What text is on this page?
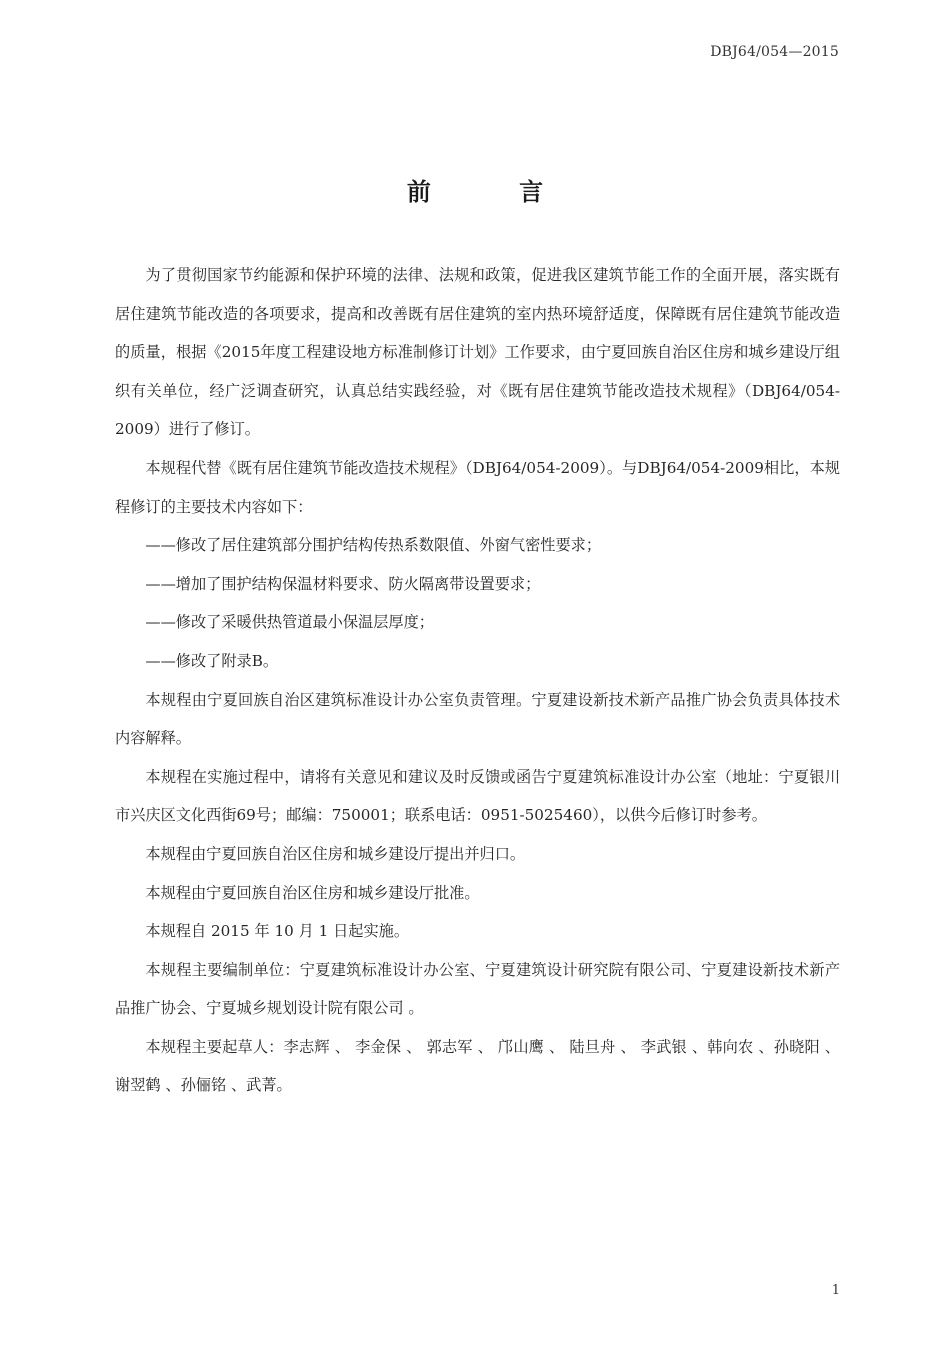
DBJ64/054—2015
前 言

为了贯彻国家节约能源和保护环境的法律、法规和政策，促进我区建筑节能工作的全面开展，落实既有居住建筑节能改造的各项要求，提高和改善既有居住建筑的室内热环境舒适度，保障既有居住建筑节能改造的质量，根据《2015年度工程建设地方标准制修订计划》工作要求，由宁夏回族自治区住房和城乡建设厅组织有关单位，经广泛调查研究，认真总结实践经验，对《既有居住建筑节能改造技术规程》（DBJ64/054-2009）进行了修订。

本规程代替《既有居住建筑节能改造技术规程》（DBJ64/054-2009）。与DBJ64/054-2009相比，本规程修订的主要技术内容如下：

——修改了居住建筑部分围护结构传热系数限值、外窗气密性要求；

——增加了围护结构保温材料要求、防火隔离带设置要求；

——修改了采暖供热管道最小保温层厚度；

——修改了附录B。

本规程由宁夏回族自治区建筑标准设计办公室负责管理。宁夏建设新技术新产品推广协会负责具体技术内容解释。

本规程在实施过程中，请将有关意见和建议及时反馈或函告宁夏建筑标准设计办公室（地址：宁夏银川市兴庆区文化西街69号；邮编：750001；联系电话：0951-5025460），以供今后修订时参考。

本规程由宁夏回族自治区住房和城乡建设厅提出并归口。

本规程由宁夏回族自治区住房和城乡建设厅批准。

本规程自 2015 年 10 月 1 日起实施。

本规程主要编制单位：宁夏建筑标准设计办公室、宁夏建筑设计研究院有限公司、宁夏建设新技术新产品推广协会、宁夏城乡规划设计院有限公司 。

本规程主要起草人：李志辉 、 李金保 、 郭志军 、 邝山鹰 、 陆旦舟 、 李武银 、韩向农 、孙晓阳 、谢翌鹤 、孙俪铭 、武菁。

1
